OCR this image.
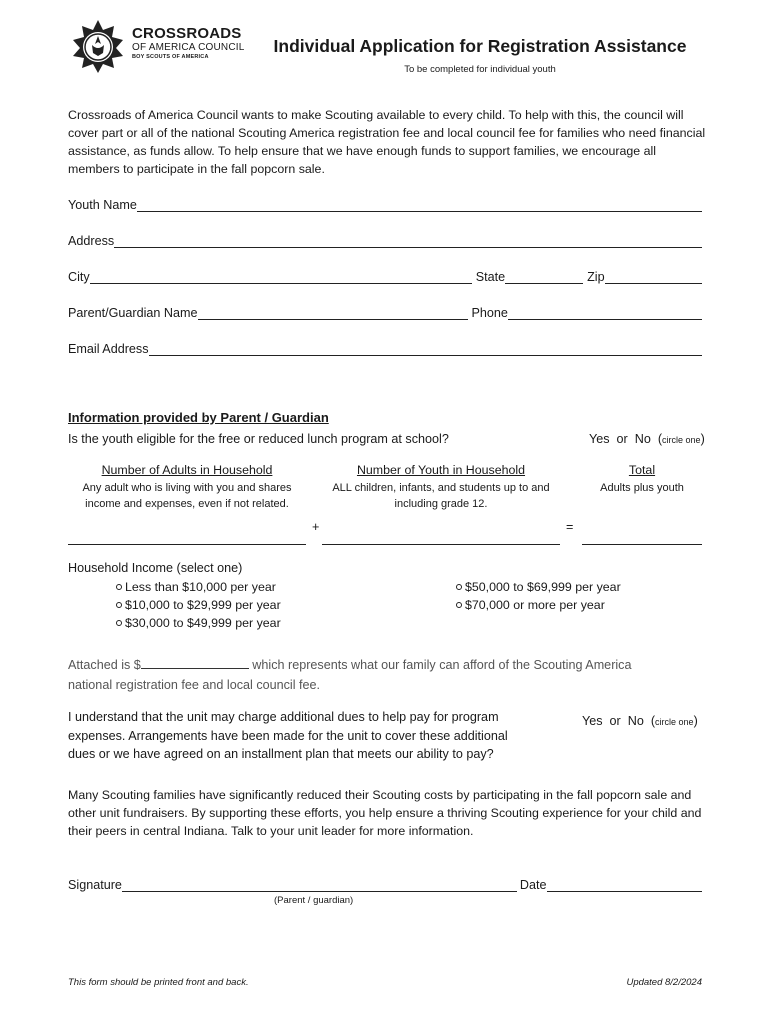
CROSSROADS
OF AMERICA COUNCIL
BOY SCOUTS OF AMERICA
Individual Application for Registration Assistance
To be completed for individual youth
Crossroads of America Council wants to make Scouting available to every child. To help with this, the council will cover part or all of the national Scouting America registration fee and local council fee for families who need financial assistance, as funds allow. To help ensure that we have enough funds to support families, we encourage all members to participate in the fall popcorn sale.
Youth Name
Address
City	State	Zip
Parent/Guardian Name	Phone
Email Address
Information provided by Parent / Guardian
Is the youth eligible for the free or reduced lunch program at school?	Yes  or  No  (circle one)
Number of Adults in Household
Any adult who is living with you and shares income and expenses, even if not related.
Number of Youth in Household
ALL children, infants, and students up to and including grade 12.
Total
Adults plus youth
+	=
Household Income (select one)
Less than $10,000 per year
$10,000 to $29,999 per year
$30,000 to $49,999 per year
$50,000 to $69,999 per year
$70,000 or more per year
Attached is $	which represents what our family can afford of the Scouting America
national registration fee and local council fee.
I understand that the unit may charge additional dues to help pay for program expenses. Arrangements have been made for the unit to cover these additional dues or we have agreed on an installment plan that meets our ability to pay?
Yes  or  No  (circle one)
Many Scouting families have significantly reduced their Scouting costs by participating in the fall popcorn sale and other unit fundraisers. By supporting these efforts, you help ensure a thriving Scouting experience for your child and their peers in central Indiana. Talk to your unit leader for more information.
Signature	Date
(Parent / guardian)
This form should be printed front and back.	Updated 8/2/2024
